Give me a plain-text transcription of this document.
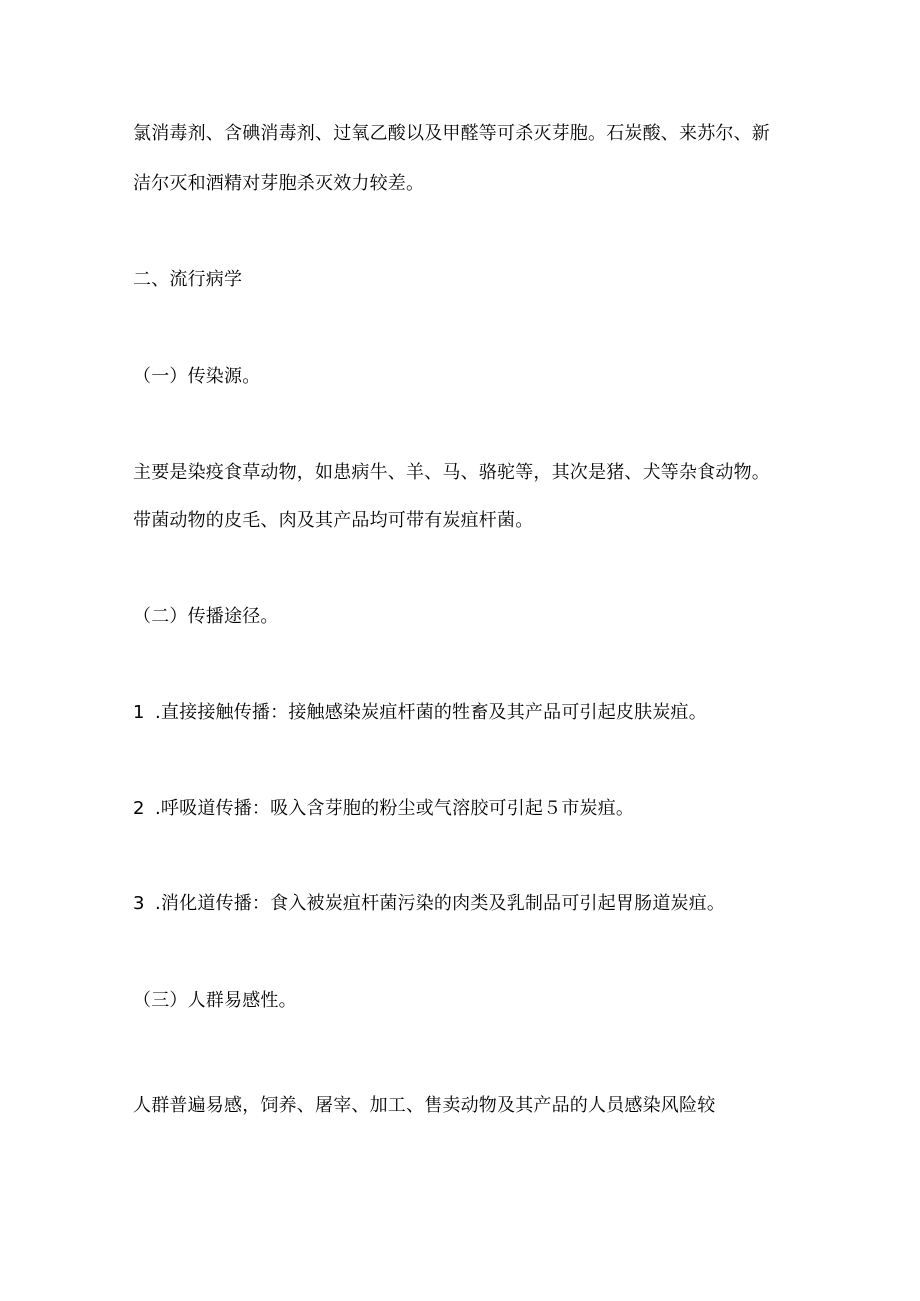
氯消毒剂、含碘消毒剂、过氧乙酸以及甲醛等可杀灭芽胞。石炭酸、来苏尔、新
洁尔灭和酒精对芽胞杀灭效力较差。
二、流行病学
（一）传染源。
主要是染疫食草动物，如患病牛、羊、马、骆驼等，其次是猪、犬等杂食动物。
带菌动物的皮毛、肉及其产品均可带有炭疽杆菌。
（二）传播途径。
1 .直接接触传播：接触感染炭疽杆菌的牲畜及其产品可引起皮肤炭疽。
2 .呼吸道传播：吸入含芽胞的粉尘或气溶胶可引起５市炭疽。
3 .消化道传播：食入被炭疽杆菌污染的肉类及乳制品可引起胃肠道炭疽。
（三）人群易感性。
人群普遍易感，饲养、屠宰、加工、售卖动物及其产品的人员感染风险较
